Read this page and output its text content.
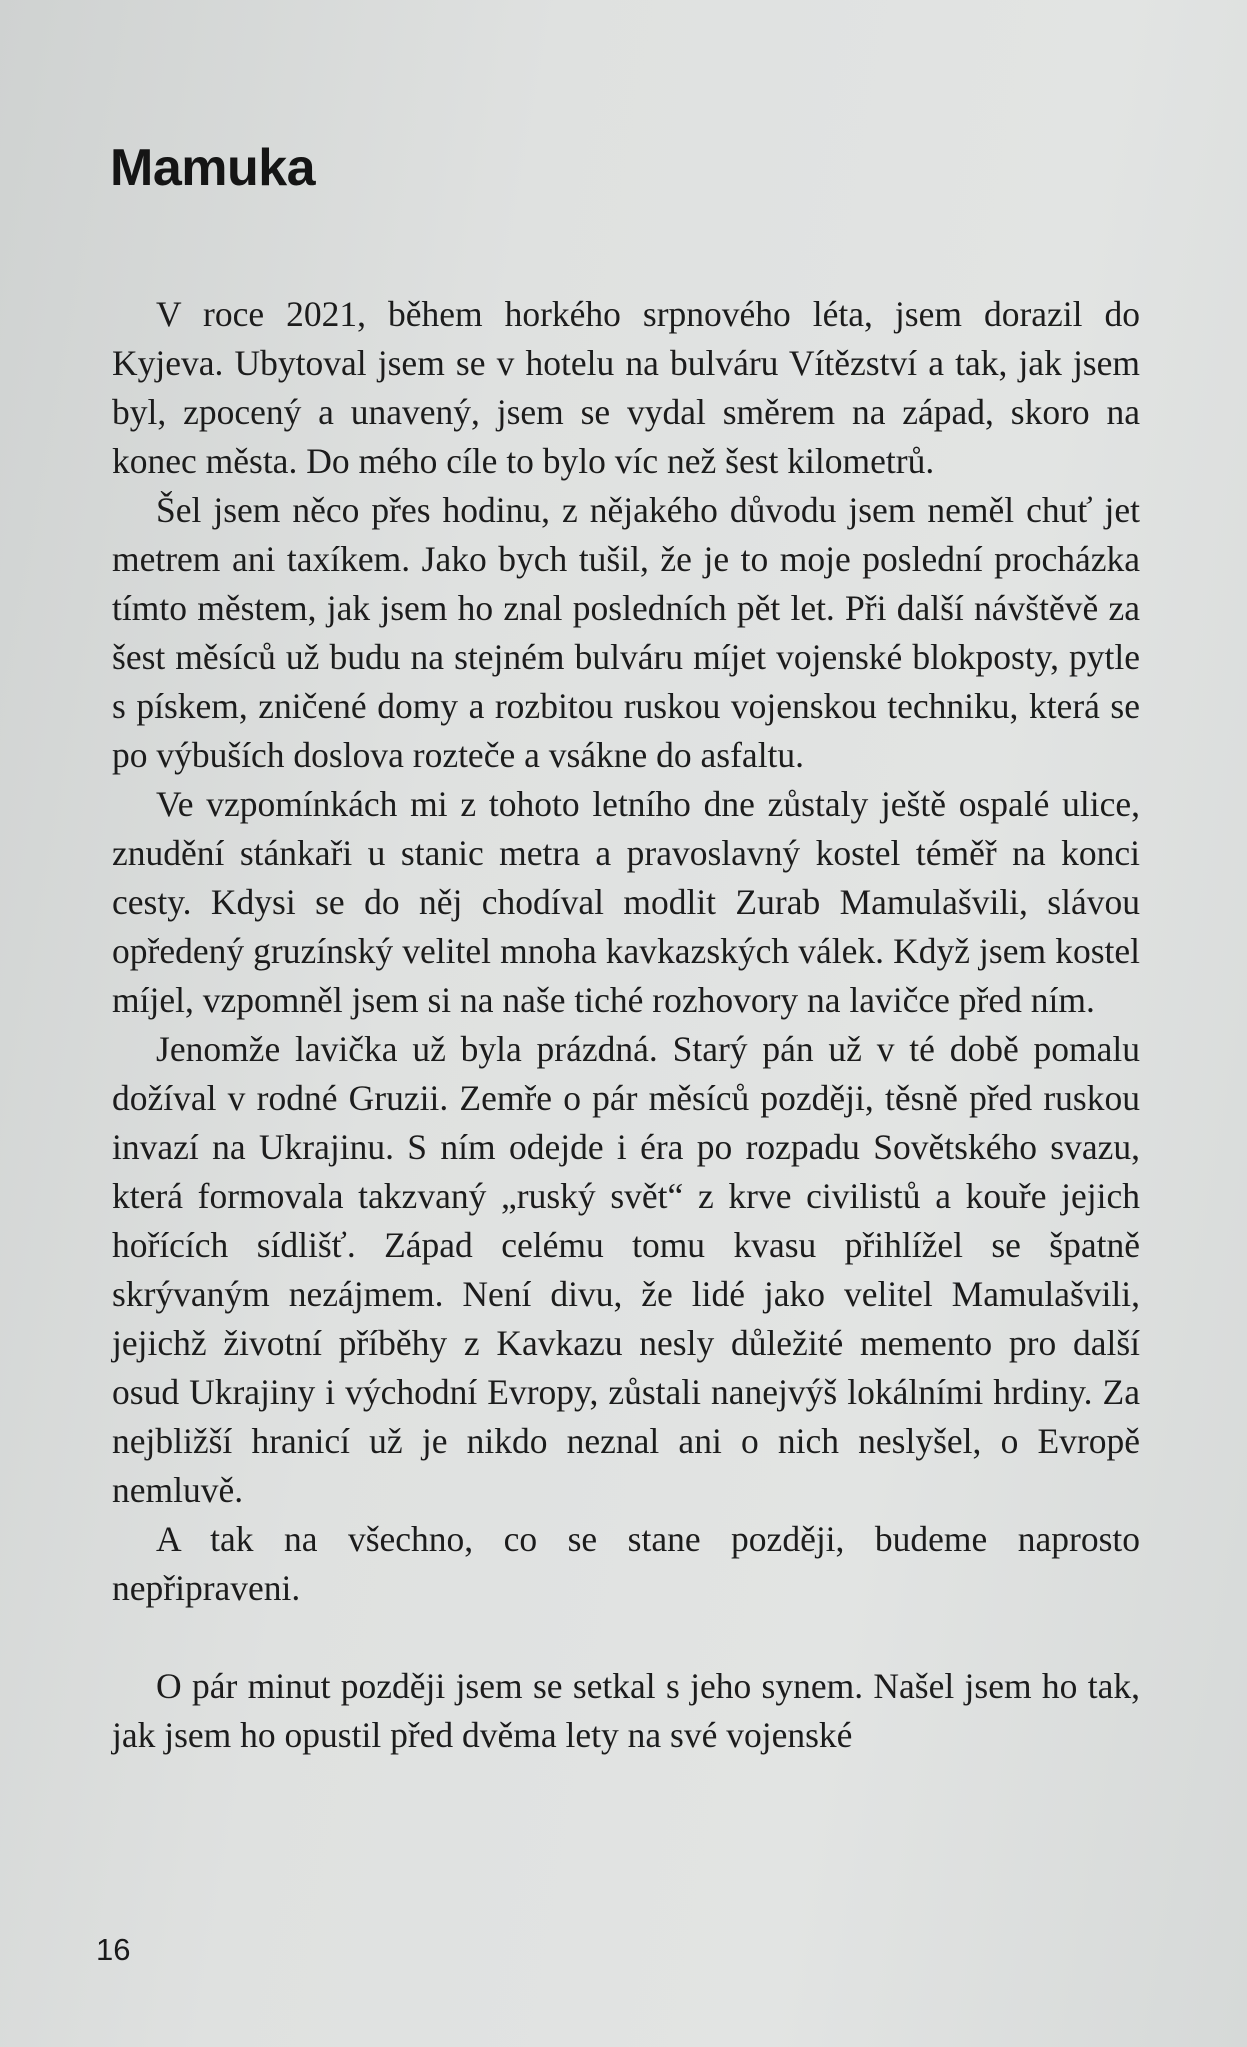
Mamuka

V roce 2021, během horkého srpnového léta, jsem dorazil do Kyjeva. Ubytoval jsem se v hotelu na bulváru Vítězství a tak, jak jsem byl, zpocený a unavený, jsem se vydal směrem na západ, skoro na konec města. Do mého cíle to bylo víc než šest kilometrů.

Šel jsem něco přes hodinu, z nějakého důvodu jsem neměl chuť jet metrem ani taxíkem. Jako bych tušil, že je to moje poslední procházka tímto městem, jak jsem ho znal posledních pět let. Při další návštěvě za šest měsíců už budu na stejném bulváru míjet vojenské blokposty, pytle s pískem, zničené domy a rozbitou ruskou vojenskou techniku, která se po výbuších doslova rozteče a vsákne do asfaltu.

Ve vzpomínkách mi z tohoto letního dne zůstaly ještě ospalé ulice, znudění stánkaři u stanic metra a pravoslavný kostel téměř na konci cesty. Kdysi se do něj chodíval modlit Zurab Mamulašvili, slávou opředený gruzínský velitel mnoha kavkazských válek. Když jsem kostel míjel, vzpomněl jsem si na naše tiché rozhovory na lavičce před ním.

Jenomže lavička už byla prázdná. Starý pán už v té době pomalu dožíval v rodné Gruzii. Zemře o pár měsíců později, těsně před ruskou invazí na Ukrajinu. S ním odejde i éra po rozpadu Sovětského svazu, která formovala takzvaný „ruský svět“ z krve civilistů a kouře jejich hořících sídlišť. Západ celému tomu kvasu přihlížel se špatně skrývaným nezájmem. Není divu, že lidé jako velitel Mamulašvili, jejichž životní příběhy z Kavkazu nesly důležité memento pro další osud Ukrajiny i východní Evropy, zůstali nanejvýš lokálními hrdiny. Za nejbližší hranicí už je nikdo neznal ani o nich neslyšel, o Evropě nemluvě.

A tak na všechno, co se stane později, budeme naprosto nepřipraveni.

O pár minut později jsem se setkal s jeho synem. Našel jsem ho tak, jak jsem ho opustil před dvěma lety na své vojenské

16
